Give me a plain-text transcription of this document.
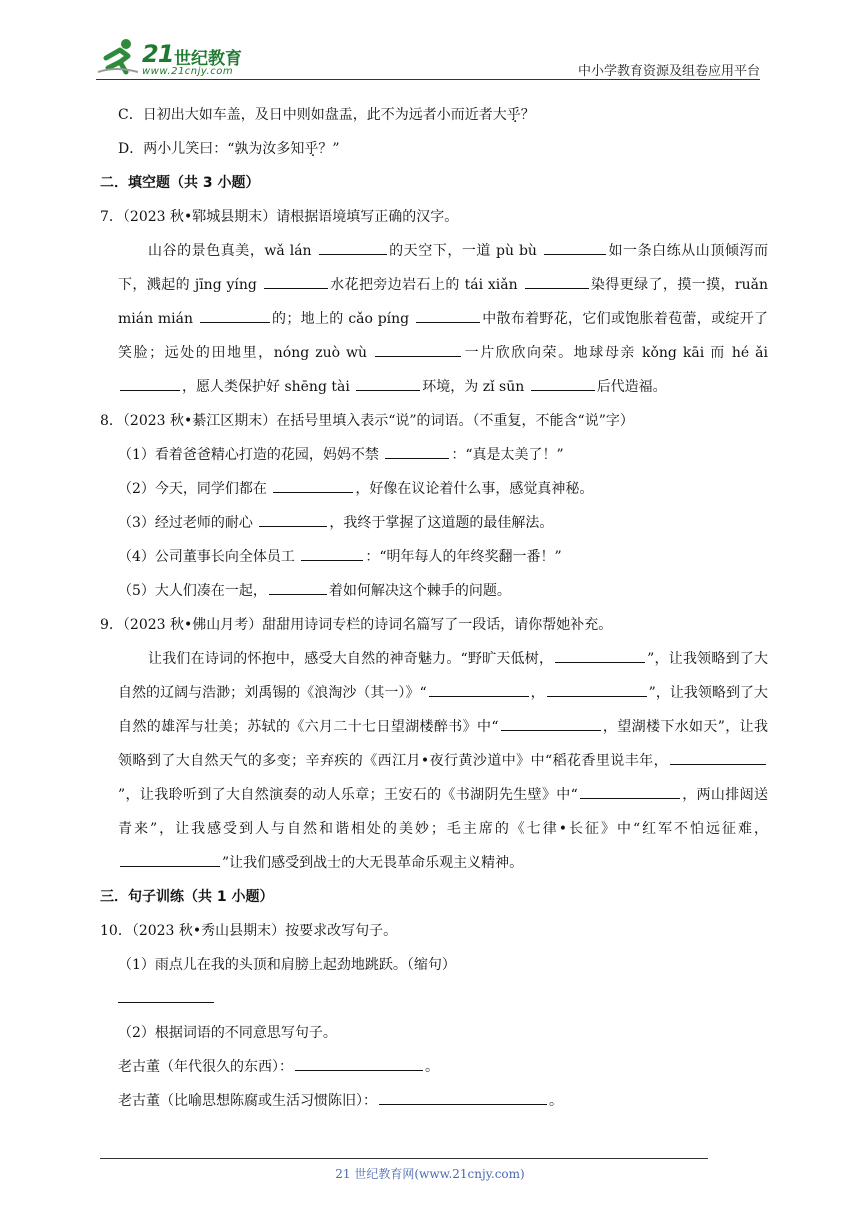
21 世纪教育
www.21cnjy.com	中小学教育资源及组卷应用平台

C．日初出大如车盖，及日中则如盘盂，此不为远者小而近者大乎 .？

D．两小儿笑曰：“孰为汝多知乎 .？”

二．填空题（共 3 小题）

7．（2023 秋•郓城县期末）请根据语境填写正确的汉字。

山谷的景色真美，wǎ lán	的天空下，一道 pù bù	如一条白练从山顶倾泻而下，溅起的 jīng yíng	水花把旁边岩石上的 tái xiǎn	染得更绿了，摸一摸，ruǎn mián mián	的；地上的 cǎo píng	中散布着野花，它们或饱胀着苞蕾，或绽开了笑脸；远处的田地里，nóng zuò wù	一片欣欣向荣。地球母亲 kǒng kāi 而 hé ǎi ，愿人类保护好 shēng tài	环境，为 zǐ sūn	后代造福。

8．（2023 秋•綦江区期末）在括号里填入表示“说”的词语。（不重复，不能含“说”字）

（1）看着爸爸精心打造的花园，妈妈不禁	：“真是太美了！”

（2）今天，同学们都在	，好像在议论着什么事，感觉真神秘。

（3）经过老师的耐心	，我终于掌握了这道题的最佳解法。

（4）公司董事长向全体员工	：“明年每人的年终奖翻一番！”

（5）大人们凑在一起，	着如何解决这个棘手的问题。

9．（2023 秋•佛山月考）甜甜用诗词专栏的诗词名篇写了一段话，请你帮她补充。

让我们在诗词的怀抱中，感受大自然的神奇魅力。“野旷天低树，	”，让我领略到了大自然的辽阔与浩渺；刘禹锡的《浪淘沙（其一）》“	，	”，让我领略到了大自然的雄浑与壮美；苏轼的《六月二十七日望湖楼醉书》中“	，望湖楼下水如天”，让我领略到了大自然天气的多变；辛弃疾的《西江月•夜行黄沙道中》中“稻花香里说丰年，”，让我聆听到了大自然演奏的动人乐章；王安石的《书湖阴先生壁》中“	，两山排闼送青来”，让我感受到人与自然和谐相处的美妙；毛主席的《七律•长征》中“红军不怕远征难，”让我们感受到战士的大无畏革命乐观主义精神。

三．句子训练（共 1 小题）

10．（2023 秋•秀山县期末）按要求改写句子。

（1）雨点儿在我的头顶和肩膀上起劲地跳跃。（缩句）

（2）根据词语的不同意思写句子。

老古董（年代很久的东西）：	。

老古董（比喻思想陈腐或生活习惯陈旧）：	。

21 世纪教育网(www.21cnjy.com)
